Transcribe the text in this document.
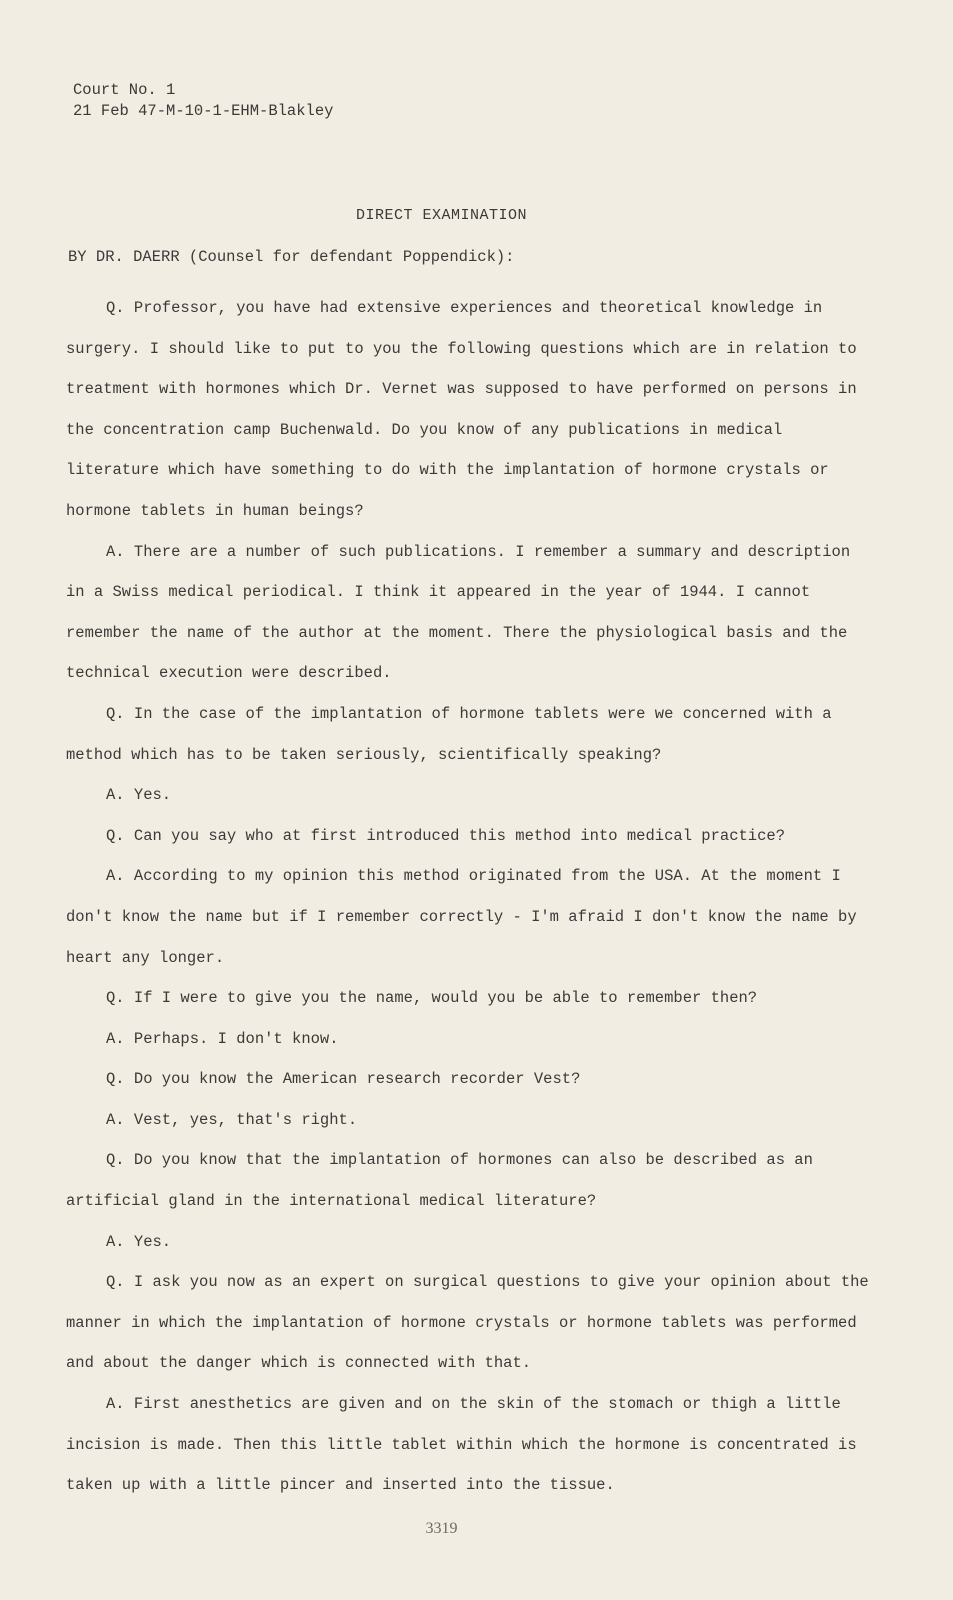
Court No. 1
21 Feb 47-M-10-1-EHM-Blakley
DIRECT EXAMINATION
BY DR. DAERR (Counsel for defendant Poppendick):

Q. Professor, you have had extensive experiences and theoretical knowledge in surgery. I should like to put to you the following questions which are in relation to treatment with hormones which Dr. Vernet was supposed to have performed on persons in the concentration camp Buchenwald. Do you know of any publications in medical literature which have something to do with the implantation of hormone crystals or hormone tablets in human beings?

A. There are a number of such publications. I remember a summary and description in a Swiss medical periodical. I think it appeared in the year of 1944. I cannot remember the name of the author at the moment. There the physiological basis and the technical execution were described.

Q. In the case of the implantation of hormone tablets were we concerned with a method which has to be taken seriously, scientifically speaking?

A. Yes.

Q. Can you say who at first introduced this method into medical practice?

A. According to my opinion this method originated from the USA. At the moment I don't know the name but if I remember correctly - I'm afraid I don't know the name by heart any longer.

Q. If I were to give you the name, would you be able to remember then?

A. Perhaps. I don't know.

Q. Do you know the American research recorder Vest?

A. Vest, yes, that's right.

Q. Do you know that the implantation of hormones can also be described as an artificial gland in the international medical literature?

A. Yes.

Q. I ask you now as an expert on surgical questions to give your opinion about the manner in which the implantation of hormone crystals or hormone tablets was performed and about the danger which is connected with that.

A. First anesthetics are given and on the skin of the stomach or thigh a little incision is made. Then this little tablet within which the hormone is concentrated is taken up with a little pincer and inserted into the tissue.

3319
